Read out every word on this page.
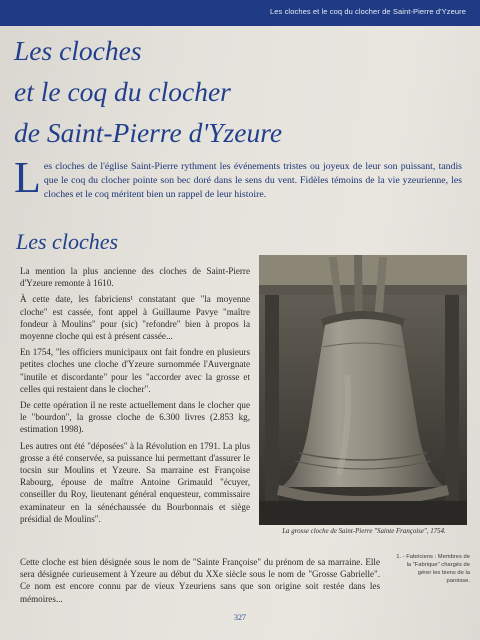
Les cloches et le coq du clocher de Saint-Pierre d'Yzeure
Les cloches
et le coq du clocher
de Saint-Pierre d'Yzeure
Les cloches de l'église Saint-Pierre rythment les événements tristes ou joyeux de leur son puissant, tandis que le coq du clocher pointe son bec doré dans le sens du vent. Fidèles témoins de la vie yzeurienne, les cloches et le coq méritent bien un rappel de leur histoire.
Les cloches

La mention la plus ancienne des cloches de Saint-Pierre d'Yzeure remonte à 1610.

À cette date, les fabriciens¹ constatant que "la moyenne cloche" est cassée, font appel à Guillaume Pavye "maître fondeur à Moulins" pour (sic) "refondre" bien à propos la moyenne cloche qui est à présent cassée...

En 1754, "les officiers municipaux ont fait fondre en plusieurs petites cloches une cloche d'Yzeure surnommée l'Auvergnate "inutile et discordante" pour les "accorder avec la grosse et celles qui restaient dans le clocher".

De cette opération il ne reste actuellement dans le clocher que le "bourdon", la grosse cloche de 6.300 livres (2.853 kg, estimation 1998).

Les autres ont été "déposées" à la Révolution en 1791. La plus grosse a été conservée, sa puissance lui permettant d'assurer le tocsin sur Moulins et Yzeure. Sa marraine est Françoise Rabourg, épouse de maître Antoine Grimauld "écuyer, conseiller du Roy, lieutenant général enquesteur, commissaire examinateur en la sénéchaussée du Bourbonnais et siège présidial de Moulins".

La grosse cloche de Saint-Pierre "Sainte Françoise", 1754.

Cette cloche est bien désignée sous le nom de "Sainte Françoise" du prénom de sa marraine. Elle sera désignée curieusement à Yzeure au début du XXe siècle sous le nom de "Grosse Gabrielle". Ce nom est encore connu par de vieux Yzeuriens sans que son origine soit restée dans les mémoires...

1. - Fabriciens : Membres de la "Fabrique" chargés de gérer les biens de la paroisse.
327
